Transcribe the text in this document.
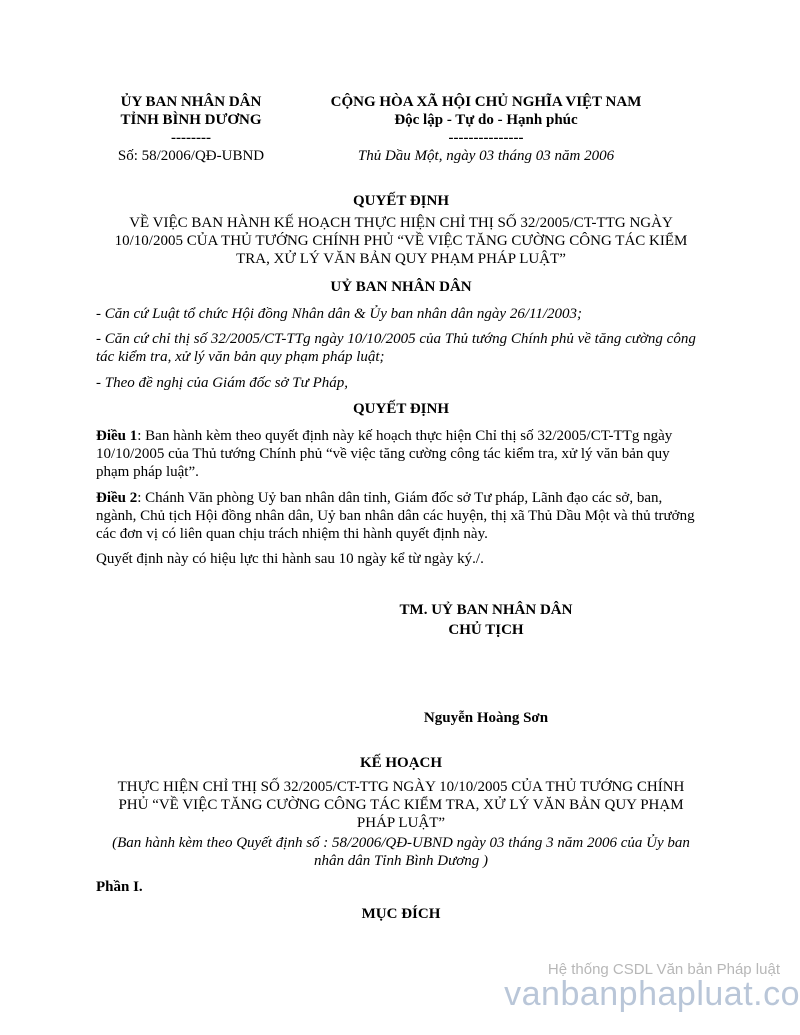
ỦY BAN NHÂN DÂN
TỈNH BÌNH DƯƠNG
--------
Số: 58/2006/QĐ-UBND
CỘNG HÒA XÃ HỘI CHỦ NGHĨA VIỆT NAM
Độc lập - Tự do - Hạnh phúc
---------------
Thủ Dầu Một, ngày 03 tháng 03 năm 2006
QUYẾT ĐỊNH
VỀ VIỆC BAN HÀNH KẾ HOẠCH THỰC HIỆN CHỈ THỊ SỐ 32/2005/CT-TTG NGÀY
10/10/2005 CỦA THỦ TƯỚNG CHÍNH PHỦ “VỀ VIỆC TĂNG CƯỜNG CÔNG TÁC KIỂM
TRA, XỬ LÝ VĂN BẢN QUY PHẠM PHÁP LUẬT”
UỶ BAN NHÂN DÂN
- Căn cứ Luật tổ chức Hội đồng Nhân dân & Ủy ban nhân dân ngày 26/11/2003;
- Căn cứ chỉ thị số 32/2005/CT-TTg ngày 10/10/2005 của Thủ tướng Chính phủ về tăng cường công tác kiểm tra, xử lý văn bản quy phạm pháp luật;
- Theo đề nghị của Giám đốc sở Tư Pháp,
QUYẾT ĐỊNH
Điều 1: Ban hành kèm theo quyết định này kế hoạch thực hiện Chỉ thị số 32/2005/CT-TTg ngày 10/10/2005 của Thủ tướng Chính phủ “về việc tăng cường công tác kiểm tra, xử lý văn bản quy phạm pháp luật”.
Điều 2: Chánh Văn phòng Uỷ ban nhân dân tỉnh, Giám đốc sở Tư pháp, Lãnh đạo các sở, ban, ngành, Chủ tịch Hội đồng nhân dân, Uỷ ban nhân dân các huyện, thị xã Thủ Dầu Một và thủ trưởng các đơn vị có liên quan chịu trách nhiệm thi hành quyết định này.
Quyết định này có hiệu lực thi hành sau 10 ngày kể từ ngày ký./.
TM. UỶ BAN NHÂN DÂN
CHỦ TỊCH
Nguyễn Hoàng Sơn
KẾ HOẠCH
THỰC HIỆN CHỈ THỊ SỐ 32/2005/CT-TTG NGÀY 10/10/2005 CỦA THỦ TƯỚNG CHÍNH
PHỦ “VỀ VIỆC TĂNG CƯỜNG CÔNG TÁC KIỂM TRA, XỬ LÝ VĂN BẢN QUY PHẠM
PHÁP LUẬT”
(Ban hành kèm theo Quyết định số : 58/2006/QĐ-UBND ngày 03 tháng 3 năm 2006 của Ủy ban
nhân dân Tỉnh Bình Dương )
Phần I.
MỤC ĐÍCH
Hệ thống CSDL Văn bản Pháp luật
vanbanphapluat.co
